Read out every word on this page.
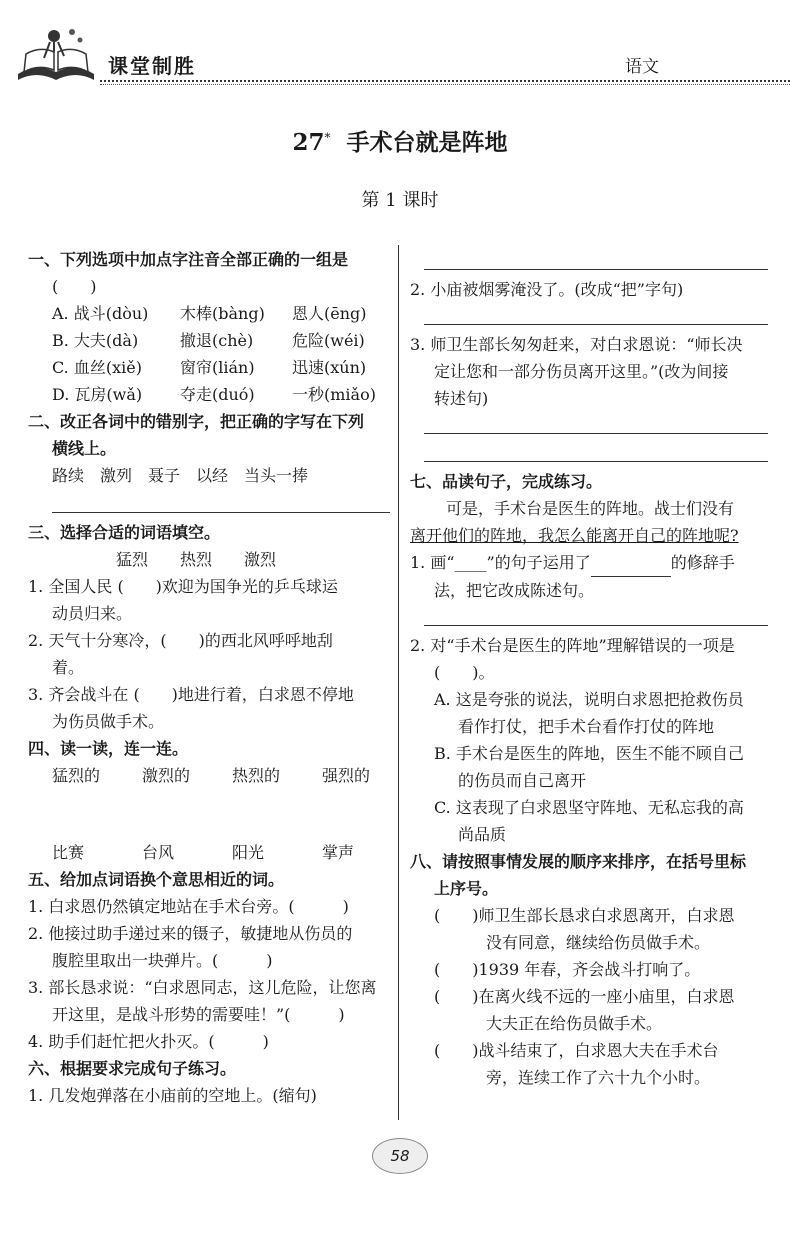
课堂制胜	语文
27* 手术台就是阵地
第 1 课时
一、下列选项中加点字注音全部正确的一组是
(　　)
A. 战斗(dòu)	木棒(bàng)	恩人(ēng)
B. 大夫(dà)	撤退(chè)	危险(wéi)
C. 血丝(xiě)	窗帘(lián)	迅速(xún)
D. 瓦房(wǎ)	夺走(duó)	一秒(miǎo)
二、改正各词中的错别字，把正确的字写在下列
横线上。
路续　激列　聂子　以经　当头一捧
三、选择合适的词语填空。
猛烈　　热烈　　激烈
1. 全国人民 (　　)欢迎为国争光的乒乓球运
动员归来。
2. 天气十分寒冷，(　　)的西北风呼呼地刮
着。
3. 齐会战斗在 (　　)地进行着，白求恩不停地
为伤员做手术。
四、读一读，连一连。
猛烈的	激烈的	热烈的	强烈的
比赛	台风	阳光	掌声
五、给加点词语换个意思相近的词。
1. 白求恩仍然镇定地站在手术台旁。(　　　)
2. 他接过助手递过来的镊子，敏捷地从伤员的
腹腔里取出一块弹片。(　　　)
3. 部长恳求说：“白求恩同志，这儿危险，让您离
开这里，是战斗形势的需要哇！”(　　　)
4. 助手们赶忙把火扑灭。(　　　)
六、根据要求完成句子练习。
1. 几发炮弹落在小庙前的空地上。(缩句)
2. 小庙被烟雾淹没了。(改成“把”字句)
3. 师卫生部长匆匆赶来，对白求恩说：“师长决
定让您和一部分伤员离开这里。”(改为间接
转述句)
七、品读句子，完成练习。
可是，手术台是医生的阵地。战士们没有
离开他们的阵地，我怎么能离开自己的阵地呢?
1. 画“____”的句子运用了	的修辞手
法，把它改成陈述句。
2. 对“手术台是医生的阵地”理解错误的一项是
(　　)。
A. 这是夸张的说法，说明白求恩把抢救伤员
看作打仗，把手术台看作打仗的阵地
B. 手术台是医生的阵地，医生不能不顾自己
的伤员而自己离开
C. 这表现了白求恩坚守阵地、无私忘我的高
尚品质
八、请按照事情发展的顺序来排序，在括号里标
上序号。
(　　)师卫生部长恳求白求恩离开，白求恩
没有同意，继续给伤员做手术。
(　　)1939 年春，齐会战斗打响了。
(　　)在离火线不远的一座小庙里，白求恩
大夫正在给伤员做手术。
(　　)战斗结束了，白求恩大夫在手术台
旁，连续工作了六十九个小时。
58
